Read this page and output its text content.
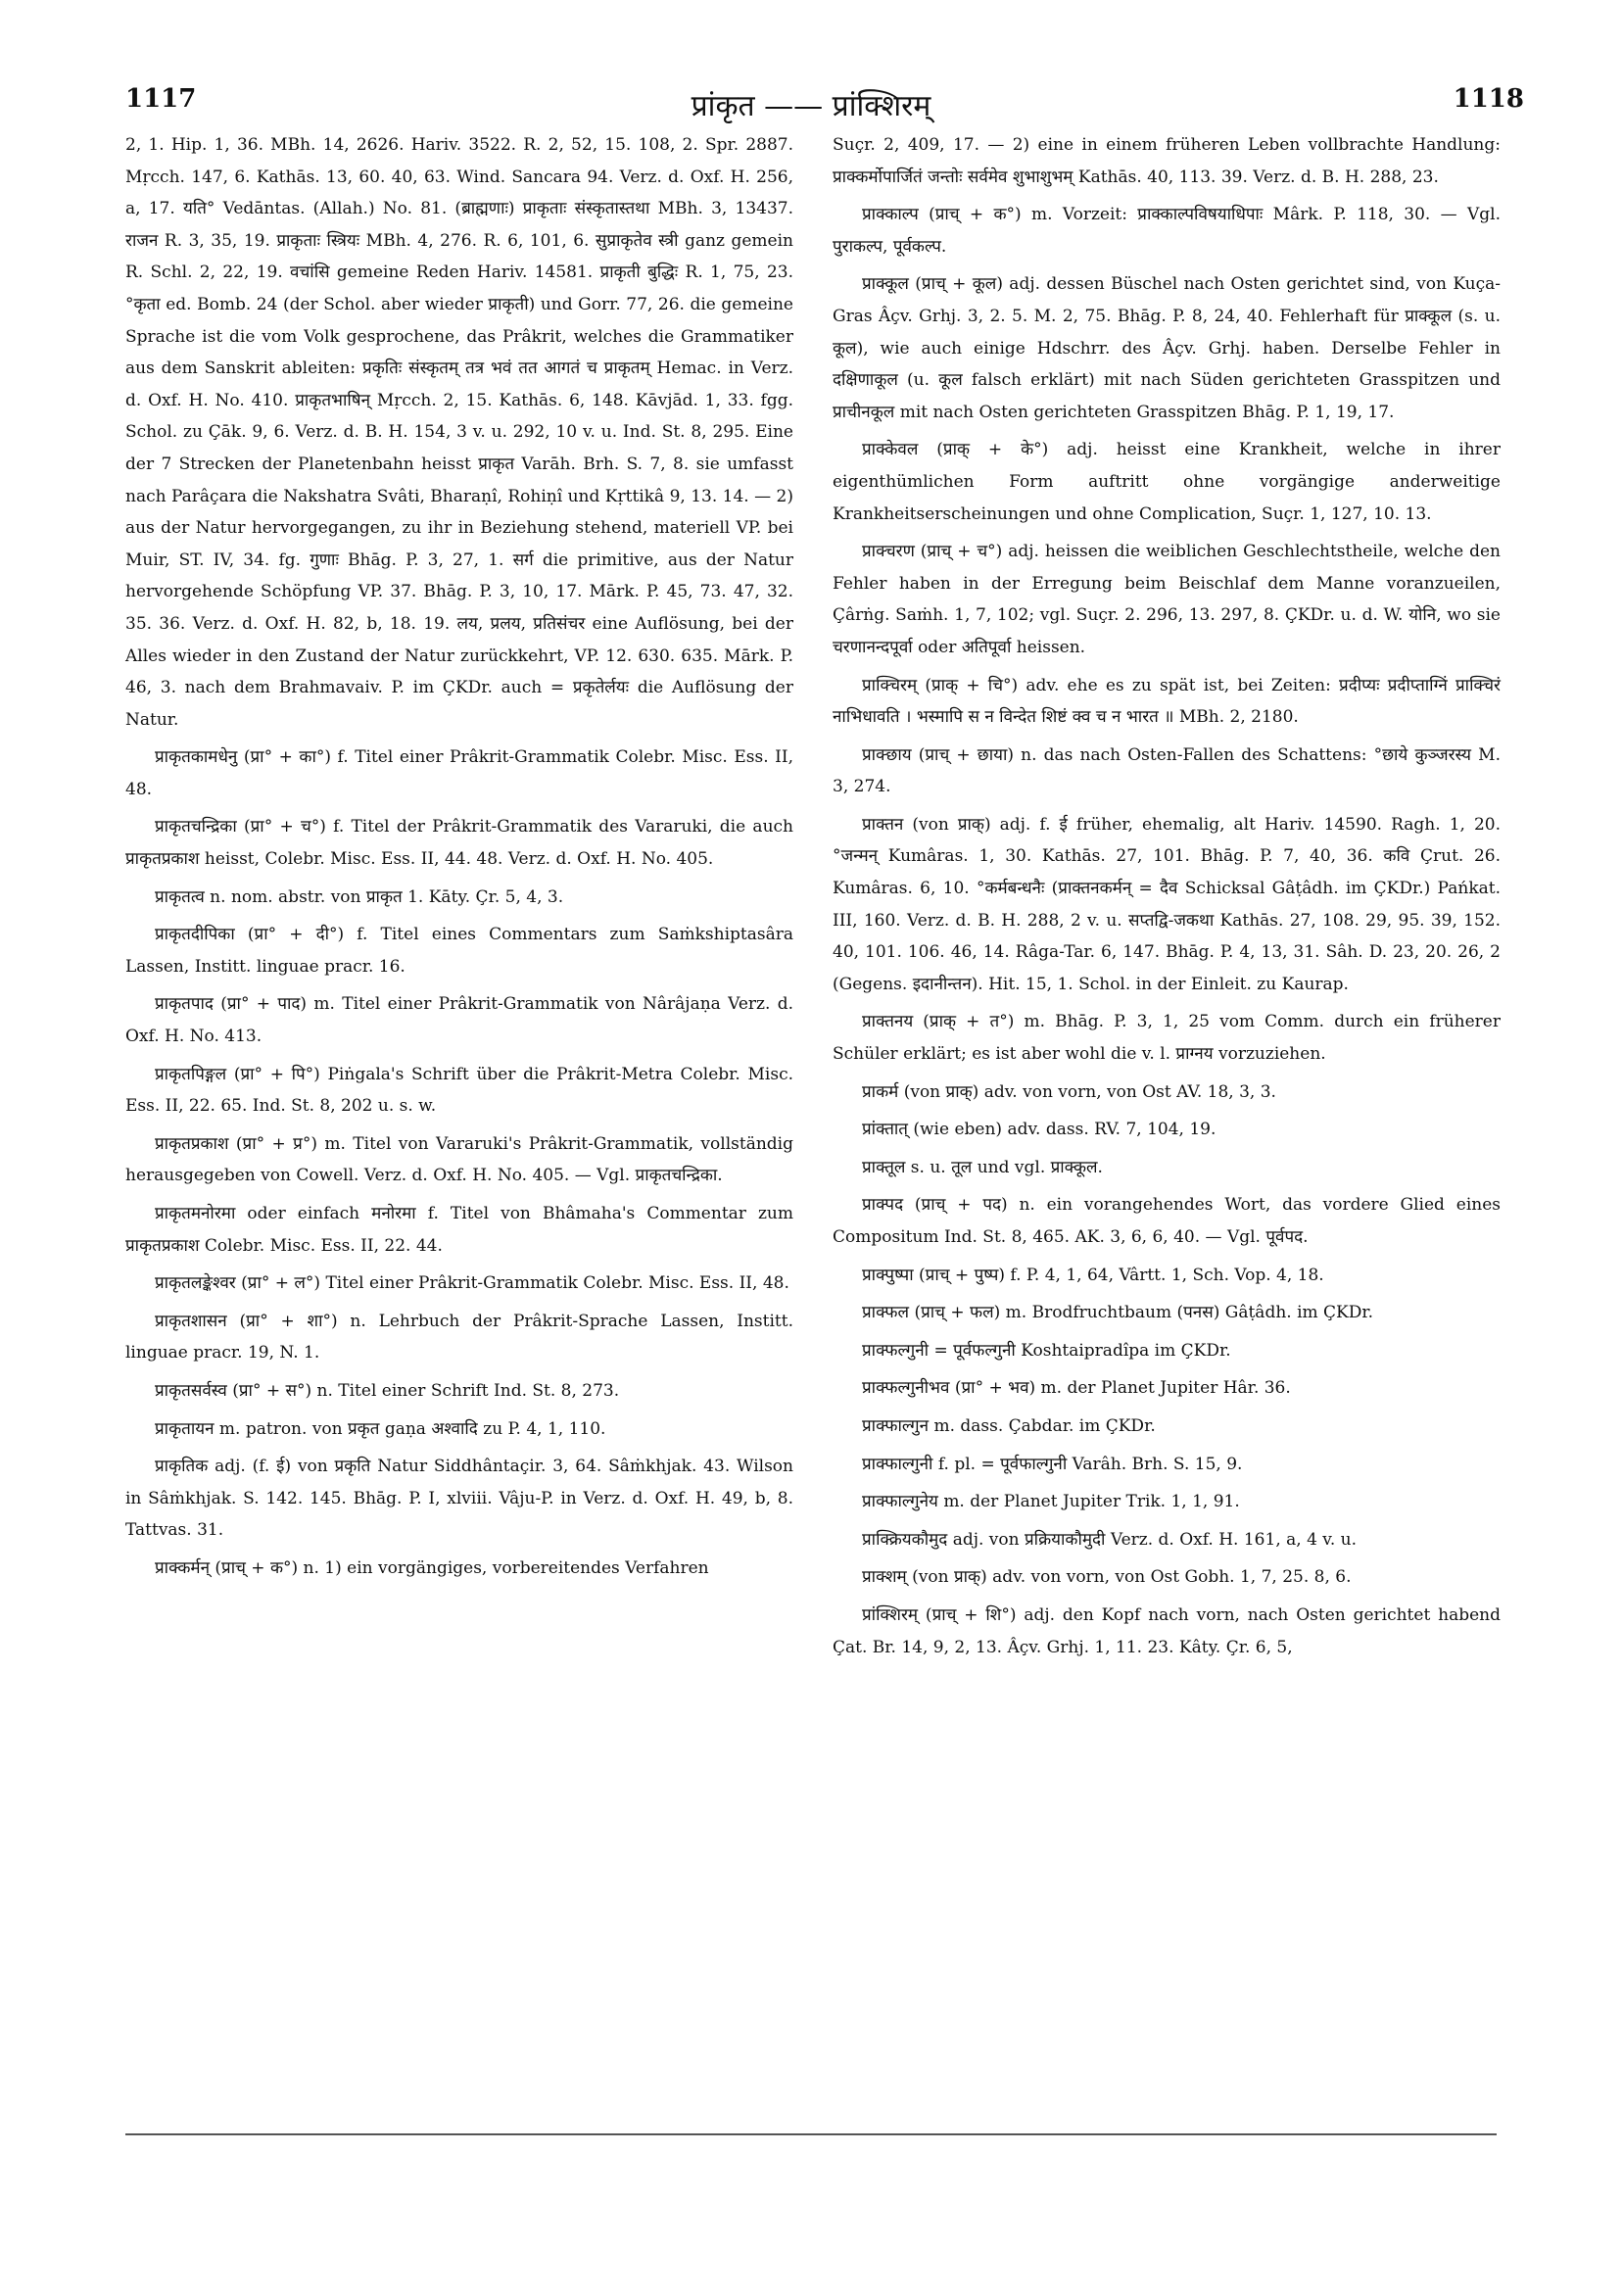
1117	प्रांकृत —— प्रांक्शिरम्	1118

2, 1. Hip. 1, 36. MBh. 14, 2626. Hariv. 3522. R. 2, 52, 15. 108, 2. Spr. 2887. Mṛcch. 147, 6. Kathās. 13, 60. 40, 63. Wind. Sancara 94. Verz. d. Oxf. H. 256, a, 17. यति° Vedāntas. (Allah.) No. 81. (ब्राह्मणाः) प्राकृताः संस्कृतास्तथा MBh. 3, 13437. राजन R. 3, 35, 19. प्राकृताः स्त्रियः MBh. 4, 276. R. 6, 101, 6. सुप्राकृतेव स्त्री ganz gemein R. Schl. 2, 22, 19. वचांसि gemeine Reden Hariv. 14581. प्राकृती बुद्धिः R. 1, 75, 23. °कृता ed. Bomb. 24 (der Schol. aber wieder प्राकृती) und Gorr. 77, 26. die gemeine Sprache ist die vom Volk gesprochene, das Prâkrit, welches die Grammatiker aus dem Sanskrit ableiten: प्रकृतिः संस्कृतम् तत्र भवं तत आगतं च प्राकृतम् Hemac. in Verz. d. Oxf. H. No. 410. प्राकृतभाषिन् Mṛcch. 2, 15. Kathās. 6, 148. Kāvjād. 1, 33. fgg. Schol. zu Çāk. 9, 6. Verz. d. B. H. 154, 3 v. u. 292, 10 v. u. Ind. St. 8, 295. Eine der 7 Strecken der Planetenbahn heisst प्राकृत Varāh. Brh. S. 7, 8. sie umfasst nach Parâçara die Nakshatra Svâti, Bharaṇî, Rohiṇî und Kṛttikâ 9, 13. 14. — 2) aus der Natur hervorgegangen, zu ihr in Beziehung stehend, materiell VP. bei Muir, ST. IV, 34. fg. गुणाः Bhāg. P. 3, 27, 1. सर्ग die primitive, aus der Natur hervorgehende Schöpfung VP. 37. Bhāg. P. 3, 10, 17. Mārk. P. 45, 73. 47, 32. 35. 36. Verz. d. Oxf. H. 82, b, 18. 19. लय, प्रलय, प्रतिसंचर eine Auflösung, bei der Alles wieder in den Zustand der Natur zurückkehrt, VP. 12. 630. 635. Mārk. P. 46, 3. nach dem Brahmavaiv. P. im ÇKDr. auch = प्रकृतेर्लयः die Auflösung der Natur.

प्राकृतकामधेनु (प्रा° + का°) f. Titel einer Prâkrit-Grammatik Colebr. Misc. Ess. II, 48.

प्राकृतचन्द्रिका (प्रा° + च°) f. Titel der Prâkrit-Grammatik des Vararuki, die auch प्राकृतप्रकाश heisst, Colebr. Misc. Ess. II, 44. 48. Verz. d. Oxf. H. No. 405.

प्राकृतत्व n. nom. abstr. von प्राकृत 1. Kāty. Çr. 5, 4, 3.

प्राकृतदीपिका (प्रा° + दी°) f. Titel eines Commentars zum Saṁkshiptasâra Lassen, Institt. linguae pracr. 16.

प्राकृतपाद (प्रा° + पाद) m. Titel einer Prâkrit-Grammatik von Nârâjaṇa Verz. d. Oxf. H. No. 413.

प्राकृतपिङ्गल (प्रा° + पि°) Piṅgala's Schrift über die Prâkrit-Metra Colebr. Misc. Ess. II, 22. 65. Ind. St. 8, 202 u. s. w.

प्राकृतप्रकाश (प्रा° + प्र°) m. Titel von Vararuki's Prâkrit-Grammatik, vollständig herausgegeben von Cowell. Verz. d. Oxf. H. No. 405. — Vgl. प्राकृतचन्द्रिका.

प्राकृतमनोरमा oder einfach मनोरमा f. Titel von Bhâmaha's Commentar zum प्राकृतप्रकाश Colebr. Misc. Ess. II, 22. 44.

प्राकृतलङ्केश्वर (प्रा° + ल°) Titel einer Prâkrit-Grammatik Colebr. Misc. Ess. II, 48.

प्राकृतशासन (प्रा° + शा°) n. Lehrbuch der Prâkrit-Sprache Lassen, Institt. linguae pracr. 19, N. 1.

प्राकृतसर्वस्व (प्रा° + स°) n. Titel einer Schrift Ind. St. 8, 273.

प्राकृतायन m. patron. von प्रकृत gaṇa अश्वादि zu P. 4, 1, 110.

प्राकृतिक adj. (f. ई) von प्रकृति Natur Siddhântaçir. 3, 64. Sâṁkhjak. 43. Wilson in Sâṁkhjak. S. 142. 145. Bhāg. P. I, xlviii. Vâju-P. in Verz. d. Oxf. H. 49, b, 8. Tattvas. 31.

प्राक्कर्मन् (प्राच् + क°) n. 1) ein vorgängiges, vorbereitendes Verfahren

Suçr. 2, 409, 17. — 2) eine in einem früheren Leben vollbrachte Handlung: प्राक्कर्मोपार्जितं जन्तोः सर्वमेव शुभाशुभम् Kathās. 40, 113. 39. Verz. d. B. H. 288, 23.

प्राक्काल्प (प्राच् + क°) m. Vorzeit: प्राक्काल्पविषयाधिपाः Mârk. P. 118, 30. — Vgl. पुराकल्प, पूर्वकल्प.

प्राक्कूल (प्राच् + कूल) adj. dessen Büschel nach Osten gerichtet sind, von Kuça-Gras Âçv. Grhj. 3, 2. 5. M. 2, 75. Bhāg. P. 8, 24, 40. Fehlerhaft für प्राक्कूल (s. u. कूल), wie auch einige Hdschrr. des Âçv. Grhj. haben. Derselbe Fehler in दक्षिणाकूल (u. कूल falsch erklärt) mit nach Süden gerichteten Grasspitzen und प्राचीनकूल mit nach Osten gerichteten Grasspitzen Bhāg. P. 1, 19, 17.

प्राक्केवल (प्राक् + के°) adj. heisst eine Krankheit, welche in ihrer eigenthümlichen Form auftritt ohne vorgängige anderweitige Krankheitserscheinungen und ohne Complication, Suçr. 1, 127, 10. 13.

प्राक्चरण (प्राच् + च°) adj. heissen die weiblichen Geschlechtstheile, welche den Fehler haben in der Erregung beim Beischlaf dem Manne voranzueilen, Çârṅg. Saṁh. 1, 7, 102; vgl. Suçr. 2. 296, 13. 297, 8. ÇKDr. u. d. W. योनि, wo sie चरणानन्दपूर्वा oder अतिपूर्वा heissen.

प्राक्चिरम् (प्राक् + चि°) adv. ehe es zu spät ist, bei Zeiten: प्रदीप्यः प्रदीप्ताग्निं प्राक्चिरं नाभिधावति । भस्मापि स न विन्देत शिष्टं क्व च न भारत ॥ MBh. 2, 2180.

प्राक्छाय (प्राच् + छाया) n. das nach Osten-Fallen des Schattens: °छाये कुञ्जरस्य M. 3, 274.

प्राक्तन (von प्राक्) adj. f. ई früher, ehemalig, alt Hariv. 14590. Ragh. 1, 20. °जन्मन् Kumâras. 1, 30. Kathās. 27, 101. Bhāg. P. 7, 40, 36. कवि Çrut. 26. Kumâras. 6, 10. °कर्मबन्धनैः (प्राक्तनकर्मन् = दैव Schicksal Gâṭâdh. im ÇKDr.) Pańkat. III, 160. Verz. d. B. H. 288, 2 v. u. सप्तद्वि-जकथा Kathās. 27, 108. 29, 95. 39, 152. 40, 101. 106. 46, 14. Râga-Tar. 6, 147. Bhāg. P. 4, 13, 31. Sâh. D. 23, 20. 26, 2 (Gegens. इदानीन्तन). Hit. 15, 1. Schol. in der Einleit. zu Kaurap.

प्राक्तनय (प्राक् + त°) m. Bhāg. P. 3, 1, 25 vom Comm. durch ein früherer Schüler erklärt; es ist aber wohl die v. l. प्राग्नय vorzuziehen.

प्राकर्म (von प्राक्) adv. von vorn, von Ost AV. 18, 3, 3.

प्रांक्तात् (wie eben) adv. dass. RV. 7, 104, 19.

प्राक्तूल s. u. तूल und vgl. प्राक्कूल.

प्राक्पद (प्राच् + पद) n. ein vorangehendes Wort, das vordere Glied eines Compositum Ind. St. 8, 465. AK. 3, 6, 6, 40. — Vgl. पूर्वपद.

प्राक्पुष्पा (प्राच् + पुष्प) f. P. 4, 1, 64, Vârtt. 1, Sch. Vop. 4, 18.

प्राक्फल (प्राच् + फल) m. Brodfruchtbaum (पनस) Gâṭâdh. im ÇKDr.

प्राक्फल्गुनी = पूर्वफल्गुनी Koshtaipradîpa im ÇKDr.

प्राक्फल्गुनीभव (प्रा° + भव) m. der Planet Jupiter Hâr. 36.

प्राक्फाल्गुन m. dass. Çabdar. im ÇKDr.

प्राक्फाल्गुनी f. pl. = पूर्वफाल्गुनी Varâh. Brh. S. 15, 9.

प्राक्फाल्गुनेय m. der Planet Jupiter Trik. 1, 1, 91.

प्राक्क्रियकौमुद adj. von प्रक्रियाकौमुदी Verz. d. Oxf. H. 161, a, 4 v. u.

प्राक्शम् (von प्राक्) adv. von vorn, von Ost Gobh. 1, 7, 25. 8, 6.

प्रांक्शिरम् (प्राच् + शि°) adj. den Kopf nach vorn, nach Osten gerichtet habend Çat. Br. 14, 9, 2, 13. Âçv. Grhj. 1, 11. 23. Kâty. Çr. 6, 5,
